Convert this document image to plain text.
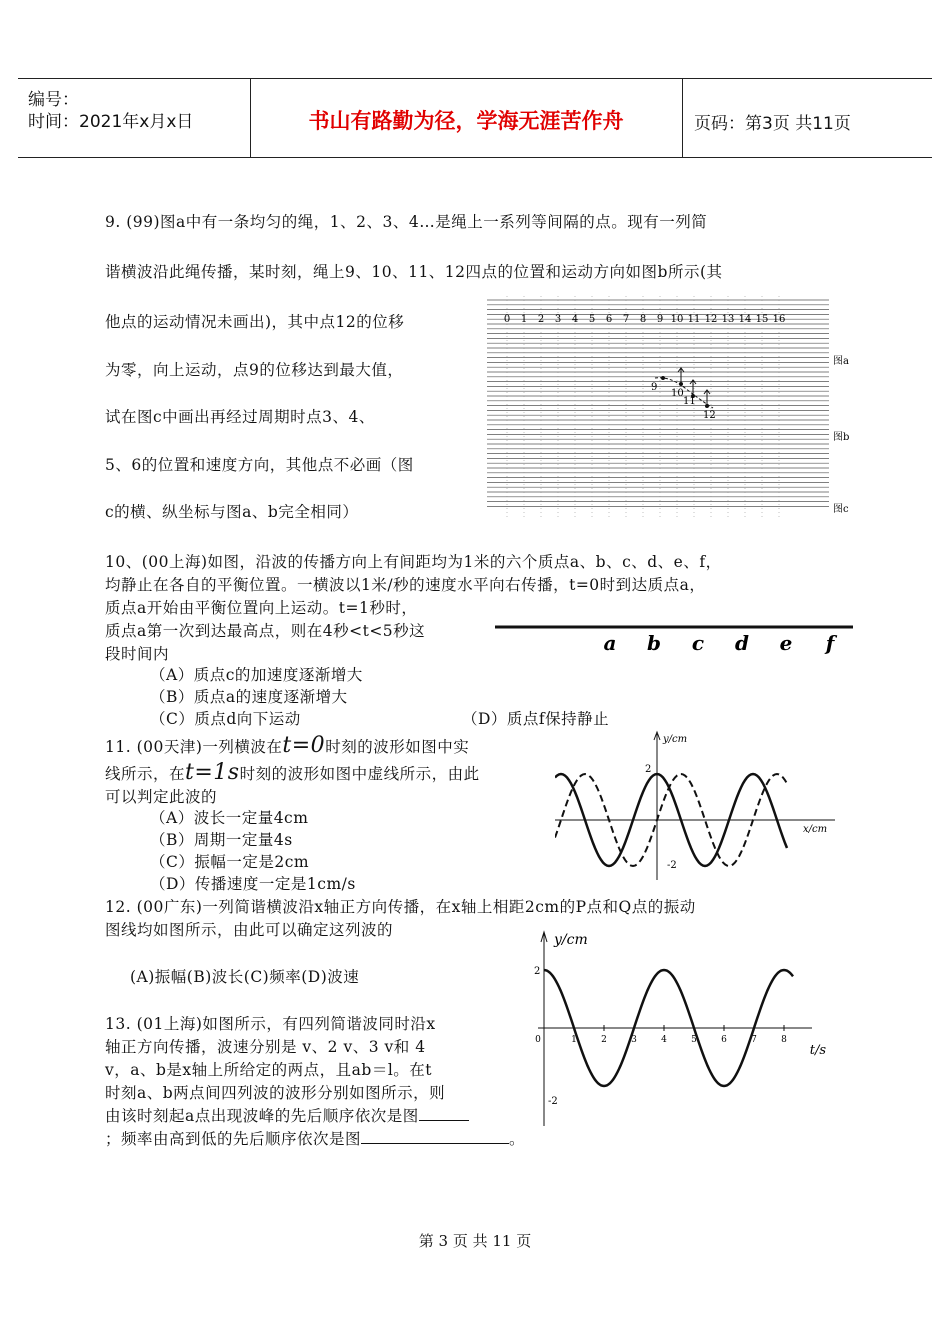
编号：
时间：2021年x月x日	书山有路勤为径，学海无涯苦作舟	页码：第3页 共11页
9. (99)图a中有一条均匀的绳，1、2、3、4…是绳上一系列等间隔的点。现有一列简
谐横波沿此绳传播，某时刻，绳上9、10、11、12四点的位置和运动方向如图b所示(其
他点的运动情况未画出)，其中点12的位移
为零，向上运动，点9的位移达到最大值，
试在图c中画出再经过周期时点3、4、
5、6的位置和速度方向，其他点不必画（图
c的横、纵坐标与图a、b完全相同）
0 1 2 3 4 5 6 7 8 9 10 11 12 13 14 15 16
图a
图b
图c
9
10
11
12
10、(00上海)如图，沿波的传播方向上有间距均为1米的六个质点a、b、c、d、e、f，
均静止在各自的平衡位置。一横波以1米/秒的速度水平向右传播，t=0时到达质点a，
质点a开始由平衡位置向上运动。t=1秒时，
质点a第一次到达最高点，则在4秒<t<5秒这
段时间内
（A）质点c的加速度逐渐增大
（B）质点a的速度逐渐增大
（C）质点d向下运动	（D）质点f保持静止
a b c d e f
11. (00天津)一列横波在t=0时刻的波形如图中实
线所示，在t=1s时刻的波形如图中虚线所示，由此
可以判定此波的
（A）波长一定量4cm
（B）周期一定量4s
（C）振幅一定是2cm
（D）传播速度一定是1cm/s
y/cm
x/cm
2
-2
12. (00广东)一列简谐横波沿x轴正方向传播，在x轴上相距2cm的P点和Q点的振动
图线均如图所示，由此可以确定这列波的
(A)振幅(B)波长(C)频率(D)波速
y/cm
t/s
2
-2
0	1	2	3	4	5	6	7	8
13. (01上海)如图所示，有四列简谐波同时沿x
轴正方向传播，波速分别是 v、2 v、3 v和 4
v，a、b是x轴上所给定的两点，且ab＝l。在t
时刻a、b两点间四列波的波形分别如图所示，则
由该时刻起a点出现波峰的先后顺序依次是图
；频率由高到低的先后顺序依次是图	。
第 3 页 共 11 页
